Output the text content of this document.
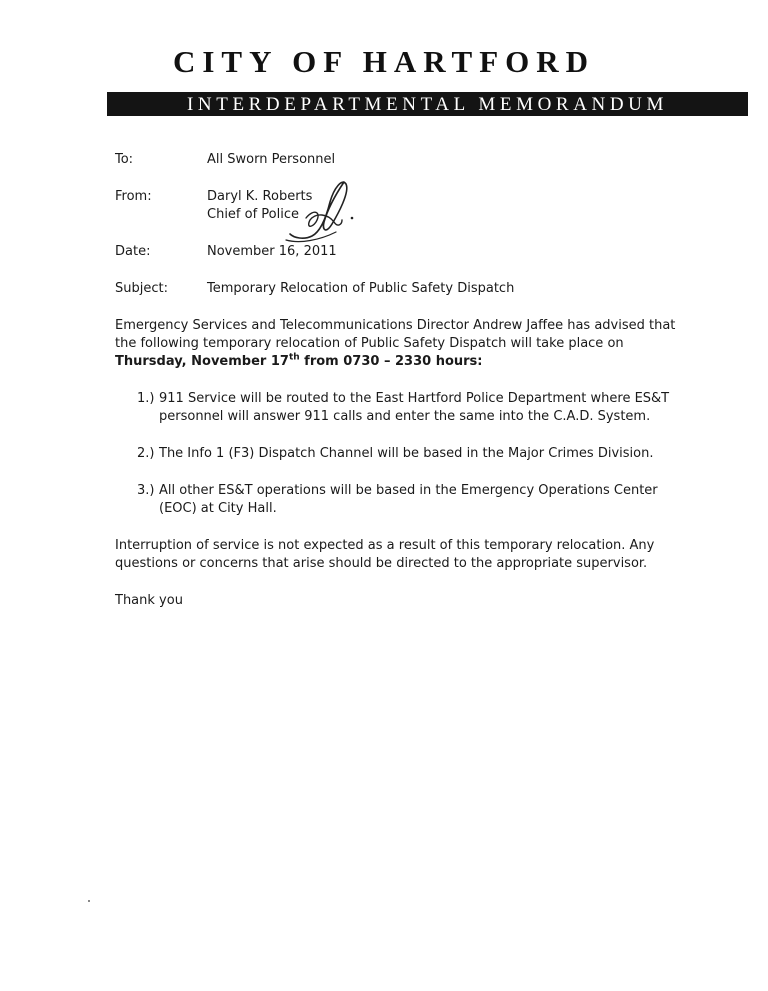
CITY OF HARTFORD
INTERDEPARTMENTAL MEMORANDUM
To:	All Sworn Personnel
From:	Daryl K. Roberts
Chief of Police
Date:	November 16, 2011
Subject:	Temporary Relocation of Public Safety Dispatch
Emergency Services and Telecommunications Director Andrew Jaffee has advised that
the following temporary relocation of Public Safety Dispatch will take place on
Thursday, November 17th from 0730 – 2330 hours:
1.) 911 Service will be routed to the East Hartford Police Department where ES&T
personnel will answer 911 calls and enter the same into the C.A.D. System.
2.) The Info 1 (F3) Dispatch Channel will be based in the Major Crimes Division.
3.) All other ES&T operations will be based in the Emergency Operations Center
(EOC) at City Hall.
Interruption of service is not expected as a result of this temporary relocation. Any
questions or concerns that arise should be directed to the appropriate supervisor.
Thank you
